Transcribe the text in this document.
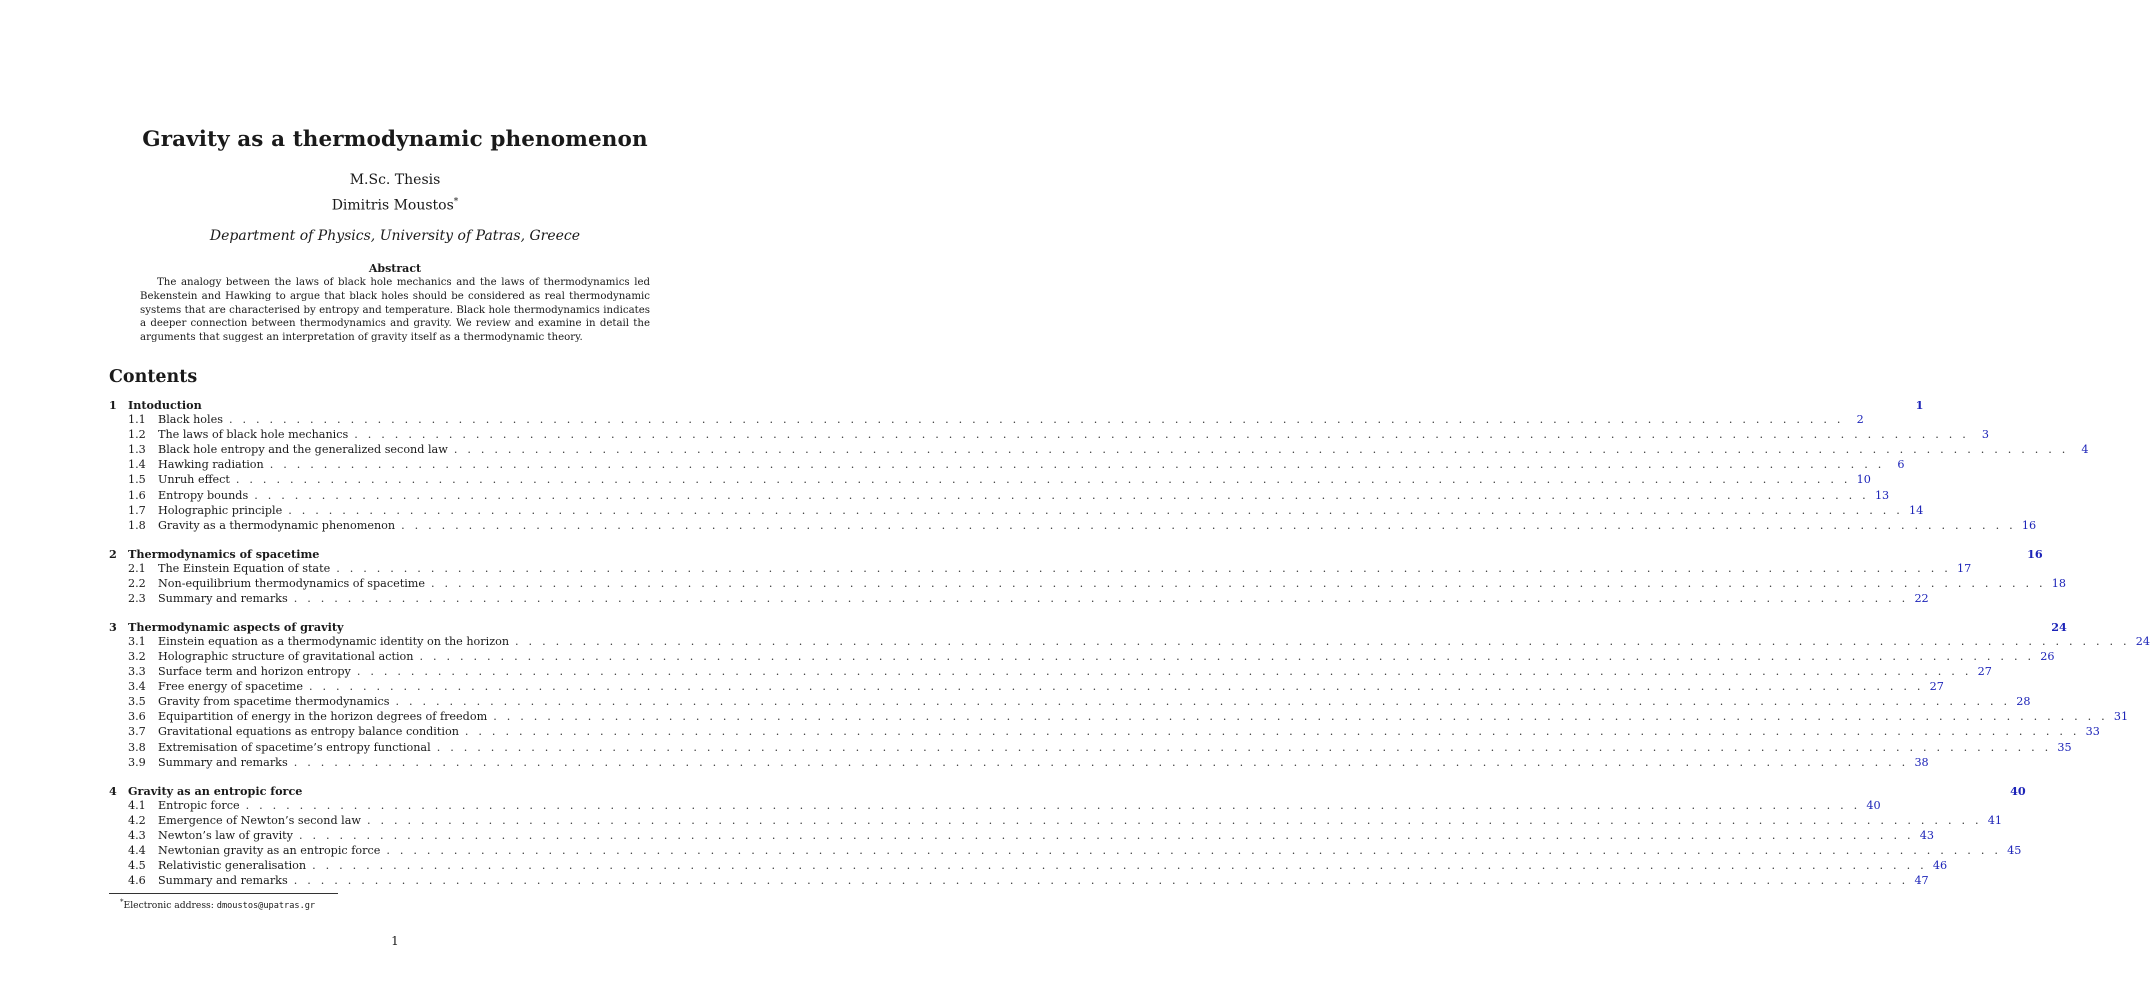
Gravity as a thermodynamic phenomenon
M.Sc. Thesis
Dimitris Moustos*
Department of Physics, University of Patras, Greece
Abstract
The analogy between the laws of black hole mechanics and the laws of thermodynamics led Bekenstein and Hawking to argue that black holes should be considered as real thermodynamic systems that are characterised by entropy and temperature. Black hole thermodynamics indicates a deeper connection between thermodynamics and gravity. We review and examine in detail the arguments that suggest an interpretation of gravity itself as a thermodynamic theory.
Contents
1	Intoduction	1
1.1	Black holes . . . . . . . . . . . . . . . . . . . . . . . . . . . . . . . . . . . . . . . . . . . . . . . . . . . . . . . . . . . . . . . . . . . . . . . . . . . . . . . . . . . . . . . . . . . . . . . . . . . . . . . . . . . . . . . . . . . . . . . .	2
1.2	The laws of black hole mechanics . . . . . . . . . . . . . . . . . . . . . . . . . . . . . . . . . . . . . . . . . . . . . . . . . . . . . . . . . . . . . . . . . . . . . . . . . . . . . . . . . . . . . . . . . . . . . . . . . . . . . . . . . . . . . . . . . . . . . . . .	3
1.3	Black hole entropy and the generalized second law . . . . . . . . . . . . . . . . . . . . . . . . . . . . . . . . . . . . . . . . . . . . . . . . . . . . . . . . . . . . . . . . . . . . . . . . . . . . . . . . . . . . . . . . . . . . . . . . . . . . . . . . . . . . . . . . . . . . . . . .	4
1.4	Hawking radiation . . . . . . . . . . . . . . . . . . . . . . . . . . . . . . . . . . . . . . . . . . . . . . . . . . . . . . . . . . . . . . . . . . . . . . . . . . . . . . . . . . . . . . . . . . . . . . . . . . . . . . . . . . . . . . . . . . . . . . . .	6
1.5	Unruh effect . . . . . . . . . . . . . . . . . . . . . . . . . . . . . . . . . . . . . . . . . . . . . . . . . . . . . . . . . . . . . . . . . . . . . . . . . . . . . . . . . . . . . . . . . . . . . . . . . . . . . . . . . . . . . . . . . . . . . . . . 10
1.6	Entropy bounds . . . . . . . . . . . . . . . . . . . . . . . . . . . . . . . . . . . . . . . . . . . . . . . . . . . . . . . . . . . . . . . . . . . . . . . . . . . . . . . . . . . . . . . . . . . . . . . . . . . . . . . . . . . . . . . . . . . . . . . . 13
1.7	Holographic principle . . . . . . . . . . . . . . . . . . . . . . . . . . . . . . . . . . . . . . . . . . . . . . . . . . . . . . . . . . . . . . . . . . . . . . . . . . . . . . . . . . . . . . . . . . . . . . . . . . . . . . . . . . . . . . . . . . . . . . . . 14
1.8	Gravity as a thermodynamic phenomenon . . . . . . . . . . . . . . . . . . . . . . . . . . . . . . . . . . . . . . . . . . . . . . . . . . . . . . . . . . . . . . . . . . . . . . . . . . . . . . . . . . . . . . . . . . . . . . . . . . . . . . . . . . . . . . . . . . . . . . . . 16
2	Thermodynamics of spacetime	16
2.1	The Einstein Equation of state . . . . . . . . . . . . . . . . . . . . . . . . . . . . . . . . . . . . . . . . . . . . . . . . . . . . . . . . . . . . . . . . . . . . . . . . . . . . . . . . . . . . . . . . . . . . . . . . . . . . . . . . . . . . . . . . . . . . . . . . 17
2.2	Non-equilibrium thermodynamics of spacetime . . . . . . . . . . . . . . . . . . . . . . . . . . . . . . . . . . . . . . . . . . . . . . . . . . . . . . . . . . . . . . . . . . . . . . . . . . . . . . . . . . . . . . . . . . . . . . . . . . . . . . . . . . . . . . . . . . . . . . . . 18
2.3	Summary and remarks . . . . . . . . . . . . . . . . . . . . . . . . . . . . . . . . . . . . . . . . . . . . . . . . . . . . . . . . . . . . . . . . . . . . . . . . . . . . . . . . . . . . . . . . . . . . . . . . . . . . . . . . . . . . . . . . . . . . . . . . 22
3	Thermodynamic aspects of gravity	24
3.1	Einstein equation as a thermodynamic identity on the horizon . . . . . . . . . . . . . . . . . . . . . . . . . . . . . . . . . . . . . . . . . . . . . . . . . . . . . . . . . . . . . . . . . . . . . . . . . . . . . . . . . . . . . . . . . . . . . . . . . . . . . . . . . . . . . . . . . . . . . . . . 24
3.2	Holographic structure of gravitational action . . . . . . . . . . . . . . . . . . . . . . . . . . . . . . . . . . . . . . . . . . . . . . . . . . . . . . . . . . . . . . . . . . . . . . . . . . . . . . . . . . . . . . . . . . . . . . . . . . . . . . . . . . . . . . . . . . . . . . . . 26
3.3	Surface term and horizon entropy . . . . . . . . . . . . . . . . . . . . . . . . . . . . . . . . . . . . . . . . . . . . . . . . . . . . . . . . . . . . . . . . . . . . . . . . . . . . . . . . . . . . . . . . . . . . . . . . . . . . . . . . . . . . . . . . . . . . . . . . 27
3.4	Free energy of spacetime . . . . . . . . . . . . . . . . . . . . . . . . . . . . . . . . . . . . . . . . . . . . . . . . . . . . . . . . . . . . . . . . . . . . . . . . . . . . . . . . . . . . . . . . . . . . . . . . . . . . . . . . . . . . . . . . . . . . . . . . 27
3.5	Gravity from spacetime thermodynamics . . . . . . . . . . . . . . . . . . . . . . . . . . . . . . . . . . . . . . . . . . . . . . . . . . . . . . . . . . . . . . . . . . . . . . . . . . . . . . . . . . . . . . . . . . . . . . . . . . . . . . . . . . . . . . . . . . . . . . . . 28
3.6	Equipartition of energy in the horizon degrees of freedom . . . . . . . . . . . . . . . . . . . . . . . . . . . . . . . . . . . . . . . . . . . . . . . . . . . . . . . . . . . . . . . . . . . . . . . . . . . . . . . . . . . . . . . . . . . . . . . . . . . . . . . . . . . . . . . . . . . . . . . . 31
3.7	Gravitational equations as entropy balance condition . . . . . . . . . . . . . . . . . . . . . . . . . . . . . . . . . . . . . . . . . . . . . . . . . . . . . . . . . . . . . . . . . . . . . . . . . . . . . . . . . . . . . . . . . . . . . . . . . . . . . . . . . . . . . . . . . . . . . . . . 33
3.8	Extremisation of spacetime’s entropy functional . . . . . . . . . . . . . . . . . . . . . . . . . . . . . . . . . . . . . . . . . . . . . . . . . . . . . . . . . . . . . . . . . . . . . . . . . . . . . . . . . . . . . . . . . . . . . . . . . . . . . . . . . . . . . . . . . . . . . . . . 35
3.9	Summary and remarks . . . . . . . . . . . . . . . . . . . . . . . . . . . . . . . . . . . . . . . . . . . . . . . . . . . . . . . . . . . . . . . . . . . . . . . . . . . . . . . . . . . . . . . . . . . . . . . . . . . . . . . . . . . . . . . . . . . . . . . . 38
4	Gravity as an entropic force	40
4.1	Entropic force . . . . . . . . . . . . . . . . . . . . . . . . . . . . . . . . . . . . . . . . . . . . . . . . . . . . . . . . . . . . . . . . . . . . . . . . . . . . . . . . . . . . . . . . . . . . . . . . . . . . . . . . . . . . . . . . . . . . . . . . 40
4.2	Emergence of Newton’s second law . . . . . . . . . . . . . . . . . . . . . . . . . . . . . . . . . . . . . . . . . . . . . . . . . . . . . . . . . . . . . . . . . . . . . . . . . . . . . . . . . . . . . . . . . . . . . . . . . . . . . . . . . . . . . . . . . . . . . . . . 41
4.3	Newton’s law of gravity . . . . . . . . . . . . . . . . . . . . . . . . . . . . . . . . . . . . . . . . . . . . . . . . . . . . . . . . . . . . . . . . . . . . . . . . . . . . . . . . . . . . . . . . . . . . . . . . . . . . . . . . . . . . . . . . . . . . . . . . 43
4.4	Newtonian gravity as an entropic force . . . . . . . . . . . . . . . . . . . . . . . . . . . . . . . . . . . . . . . . . . . . . . . . . . . . . . . . . . . . . . . . . . . . . . . . . . . . . . . . . . . . . . . . . . . . . . . . . . . . . . . . . . . . . . . . . . . . . . . . 45
4.5	Relativistic generalisation . . . . . . . . . . . . . . . . . . . . . . . . . . . . . . . . . . . . . . . . . . . . . . . . . . . . . . . . . . . . . . . . . . . . . . . . . . . . . . . . . . . . . . . . . . . . . . . . . . . . . . . . . . . . . . . . . . . . . . . . 46
4.6	Summary and remarks . . . . . . . . . . . . . . . . . . . . . . . . . . . . . . . . . . . . . . . . . . . . . . . . . . . . . . . . . . . . . . . . . . . . . . . . . . . . . . . . . . . . . . . . . . . . . . . . . . . . . . . . . . . . . . . . . . . . . . . . 47
*Electronic address: dmoustos@upatras.gr
1
